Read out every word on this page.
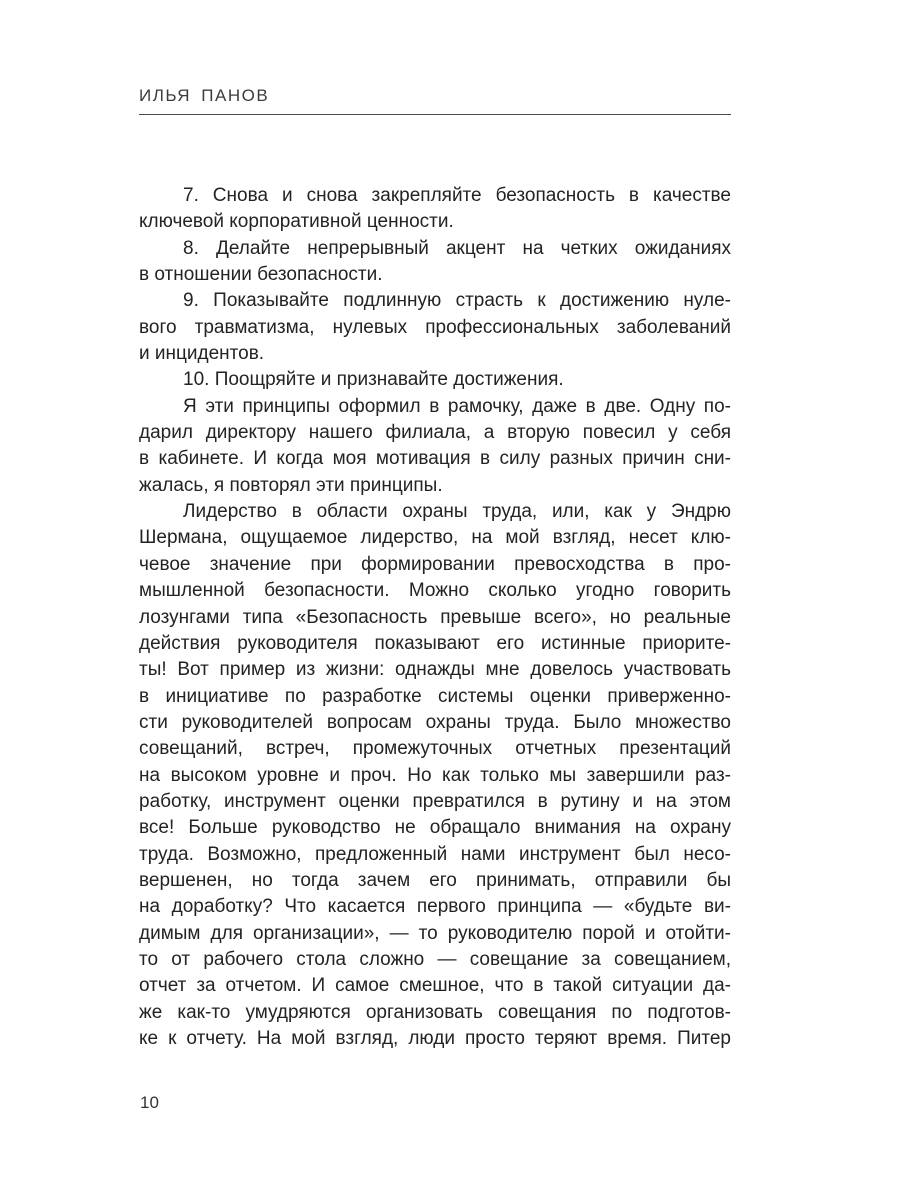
ИЛЬЯ ПАНОВ
7. Снова и снова закрепляйте безопасность в качестве
ключевой корпоративной ценности.
8. Делайте непрерывный акцент на четких ожиданиях
в отношении безопасности.
9. Показывайте подлинную страсть к достижению нуле-
вого травматизма, нулевых профессиональных заболеваний
и инцидентов.
10. Поощряйте и признавайте достижения.
Я эти принципы оформил в рамочку, даже в две. Одну по-
дарил директору нашего филиала, а вторую повесил у себя
в кабинете. И когда моя мотивация в силу разных причин сни-
жалась, я повторял эти принципы.
Лидерство в области охраны труда, или, как у Эндрю
Шермана, ощущаемое лидерство, на мой взгляд, несет клю-
чевое значение при формировании превосходства в про-
мышленной безопасности. Можно сколько угодно говорить
лозунгами типа «Безопасность превыше всего», но реальные
действия руководителя показывают его истинные приорите-
ты! Вот пример из жизни: однажды мне довелось участвовать
в инициативе по разработке системы оценки приверженно-
сти руководителей вопросам охраны труда. Было множество
совещаний, встреч, промежуточных отчетных презентаций
на высоком уровне и проч. Но как только мы завершили раз-
работку, инструмент оценки превратился в рутину и на этом
все! Больше руководство не обращало внимания на охрану
труда. Возможно, предложенный нами инструмент был несо-
вершенен, но тогда зачем его принимать, отправили бы
на доработку? Что касается первого принципа — «будьте ви-
димым для организации», — то руководителю порой и отойти-
то от рабочего стола сложно — совещание за совещанием,
отчет за отчетом. И самое смешное, что в такой ситуации да-
же как-то умудряются организовать совещания по подготов-
ке к отчету. На мой взгляд, люди просто теряют время. Питер
10
